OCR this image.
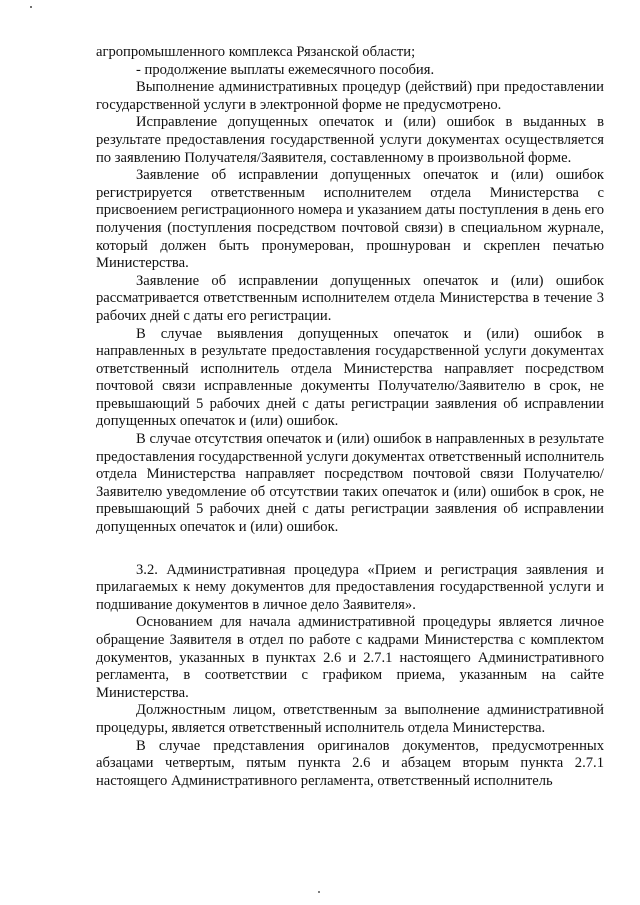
агропромышленного комплекса Рязанской области;

- продолжение выплаты ежемесячного пособия.

Выполнение административных процедур (действий) при предоставлении государственной услуги в электронной форме не предусмотрено.

Исправление допущенных опечаток и (или) ошибок в выданных в результате предоставления государственной услуги документах осуществляется по заявлению Получателя/Заявителя, составленному в произвольной форме.

Заявление об исправлении допущенных опечаток и (или) ошибок регистрируется ответственным исполнителем отдела Министерства с присвоением регистрационного номера и указанием даты поступления в день его получения (поступления посредством почтовой связи) в специальном журнале, который должен быть пронумерован, прошнурован и скреплен печатью Министерства.

Заявление об исправлении допущенных опечаток и (или) ошибок рассматривается ответственным исполнителем отдела Министерства в течение 3 рабочих дней с даты его регистрации.

В случае выявления допущенных опечаток и (или) ошибок в направленных в результате предоставления государственной услуги документах ответственный исполнитель отдела Министерства направляет посредством почтовой связи исправленные документы Получателю/Заявителю в срок, не превышающий 5 рабочих дней с даты регистрации заявления об исправлении допущенных опечаток и (или) ошибок.

В случае отсутствия опечаток и (или) ошибок в направленных в результате предоставления государственной услуги документах ответственный исполнитель отдела Министерства направляет посредством почтовой связи Получателю/Заявителю уведомление об отсутствии таких опечаток и (или) ошибок в срок, не превышающий 5 рабочих дней с даты регистрации заявления об исправлении допущенных опечаток и (или) ошибок.

3.2. Административная процедура «Прием и регистрация заявления и прилагаемых к нему документов для предоставления государственной услуги и подшивание документов в личное дело Заявителя».

Основанием для начала административной процедуры является личное обращение Заявителя в отдел по работе с кадрами Министерства с комплектом документов, указанных в пунктах 2.6 и 2.7.1 настоящего Административного регламента, в соответствии с графиком приема, указанным на сайте Министерства.

Должностным лицом, ответственным за выполнение административной процедуры, является ответственный исполнитель отдела Министерства.

В случае представления оригиналов документов, предусмотренных абзацами четвертым, пятым пункта 2.6 и абзацем вторым пункта 2.7.1 настоящего Административного регламента, ответственный исполнитель
